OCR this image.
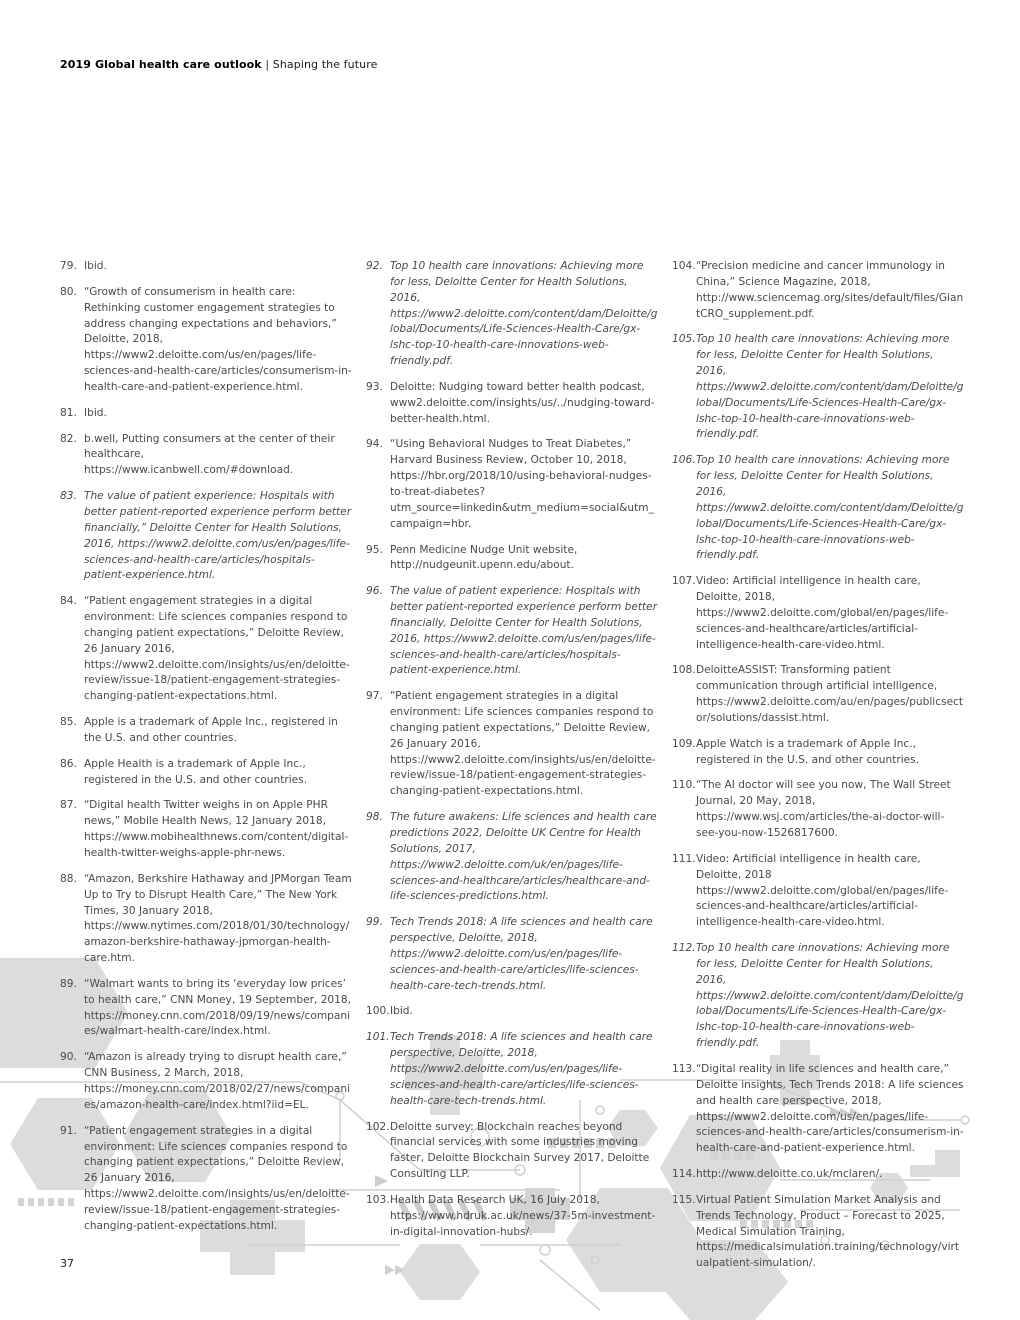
2019 Global health care outlook | Shaping the future
79. Ibid.
80. “Growth of consumerism in health care: Rethinking customer engagement strategies to address changing expectations and behaviors,” Deloitte, 2018, https://www2.deloitte.com/us/en/pages/life-sciences-and-health-care/articles/consumerism-in-health-care-and-patient-experience.html.
81. Ibid.
82. b.well, Putting consumers at the center of their healthcare, https://www.icanbwell.com/#download.
83. The value of patient experience: Hospitals with better patient-reported experience perform better financially,” Deloitte Center for Health Solutions, 2016, https://www2.deloitte.com/us/en/pages/life-sciences-and-health-care/articles/hospitals-patient-experience.html.
84. “Patient engagement strategies in a digital environment: Life sciences companies respond to changing patient expectations,” Deloitte Review, 26 January 2016, https://www2.deloitte.com/insights/us/en/deloitte-review/issue-18/patient-engagement-strategies-changing-patient-expectations.html.
85. Apple is a trademark of Apple Inc., registered in the U.S. and other countries.
86. Apple Health is a trademark of Apple Inc., registered in the U.S. and other countries.
87. “Digital health Twitter weighs in on Apple PHR news,” Mobile Health News, 12 January 2018, https://www.mobihealthnews.com/content/digital-health-twitter-weighs-apple-phr-news.
88. “Amazon, Berkshire Hathaway and JPMorgan Team Up to Try to Disrupt Health Care,” The New York Times, 30 January 2018, https://www.nytimes.com/2018/01/30/technology/amazon-berkshire-hathaway-jpmorgan-health-care.htm.
89. “Walmart wants to bring its ‘everyday low prices’ to health care,” CNN Money, 19 September, 2018, https://money.cnn.com/2018/09/19/news/companies/walmart-health-care/index.html.
90. “Amazon is already trying to disrupt health care,” CNN Business, 2 March, 2018, https://money.cnn.com/2018/02/27/news/companies/amazon-health-care/index.html?iid=EL.
91. “Patient engagement strategies in a digital environment: Life sciences companies respond to changing patient expectations,” Deloitte Review, 26 January 2016, https://www2.deloitte.com/insights/us/en/deloitte-review/issue-18/patient-engagement-strategies-changing-patient-expectations.html.
92. Top 10 health care innovations: Achieving more for less, Deloitte Center for Health Solutions, 2016, https://www2.deloitte.com/content/dam/Deloitte/global/Documents/Life-Sciences-Health-Care/gx-lshc-top-10-health-care-innovations-web-friendly.pdf.
93. Deloitte: Nudging toward better health podcast, www2.deloitte.com/insights/us/../nudging-toward-better-health.html.
94. “Using Behavioral Nudges to Treat Diabetes,” Harvard Business Review, October 10, 2018, https://hbr.org/2018/10/using-behavioral-nudges-to-treat-diabetes?utm_source=linkedin&utm_medium=social&utm_campaign=hbr.
95. Penn Medicine Nudge Unit website, http://nudgeunit.upenn.edu/about.
96. The value of patient experience: Hospitals with better patient-reported experience perform better financially, Deloitte Center for Health Solutions, 2016, https://www2.deloitte.com/us/en/pages/life-sciences-and-health-care/articles/hospitals-patient-experience.html.
97. “Patient engagement strategies in a digital environment: Life sciences companies respond to changing patient expectations,” Deloitte Review, 26 January 2016, https://www2.deloitte.com/insights/us/en/deloitte-review/issue-18/patient-engagement-strategies-changing-patient-expectations.html.
98. The future awakens: Life sciences and health care predictions 2022, Deloitte UK Centre for Health Solutions, 2017, https://www2.deloitte.com/uk/en/pages/life-sciences-and-healthcare/articles/healthcare-and-life-sciences-predictions.html.
99. Tech Trends 2018: A life sciences and health care perspective, Deloitte, 2018, https://www2.deloitte.com/us/en/pages/life-sciences-and-health-care/articles/life-sciences-health-care-tech-trends.html.
100. Ibid.
101. Tech Trends 2018: A life sciences and health care perspective, Deloitte, 2018, https://www2.deloitte.com/us/en/pages/life-sciences-and-health-care/articles/life-sciences-health-care-tech-trends.html.
102. Deloitte survey: Blockchain reaches beyond financial services with some industries moving faster, Deloitte Blockchain Survey 2017, Deloitte Consulting LLP.
103. Health Data Research UK, 16 July 2018, https://www.hdruk.ac.uk/news/37-5m-investment-in-digital-innovation-hubs/.
104. “Precision medicine and cancer immunology in China,” Science Magazine, 2018, http://www.sciencemag.org/sites/default/files/GiantCRO_supplement.pdf.
105. Top 10 health care innovations: Achieving more for less, Deloitte Center for Health Solutions, 2016, https://www2.deloitte.com/content/dam/Deloitte/global/Documents/Life-Sciences-Health-Care/gx-lshc-top-10-health-care-innovations-web-friendly.pdf.
106. Top 10 health care innovations: Achieving more for less, Deloitte Center for Health Solutions, 2016, https://www2.deloitte.com/content/dam/Deloitte/global/Documents/Life-Sciences-Health-Care/gx-lshc-top-10-health-care-innovations-web-friendly.pdf.
107. Video: Artificial intelligence in health care, Deloitte, 2018, https://www2.deloitte.com/global/en/pages/life-sciences-and-healthcare/articles/artificial-intelligence-health-care-video.html.
108. DeloitteASSIST: Transforming patient communication through artificial intelligence, https://www2.deloitte.com/au/en/pages/publicsector/solutions/dassist.html.
109. Apple Watch is a trademark of Apple Inc., registered in the U.S. and other countries.
110. “The AI doctor will see you now, The Wall Street Journal, 20 May, 2018, https://www.wsj.com/articles/the-ai-doctor-will-see-you-now-1526817600.
111. Video: Artificial intelligence in health care, Deloitte, 2018 https://www2.deloitte.com/global/en/pages/life-sciences-and-healthcare/articles/artificial-intelligence-health-care-video.html.
112. Top 10 health care innovations: Achieving more for less, Deloitte Center for Health Solutions, 2016, https://www2.deloitte.com/content/dam/Deloitte/global/Documents/Life-Sciences-Health-Care/gx-lshc-top-10-health-care-innovations-web-friendly.pdf.
113. “Digital reality in life sciences and health care,” Deloitte insights, Tech Trends 2018: A life sciences and health care perspective, 2018, https://www2.deloitte.com/us/en/pages/life-sciences-and-health-care/articles/consumerism-in-health-care-and-patient-experience.html.
114. http://www.deloitte.co.uk/mclaren/.
115. Virtual Patient Simulation Market Analysis and Trends Technology, Product – Forecast to 2025, Medical Simulation Training, https://medicalsimulation.training/technology/virtualpatient-simulation/.
37
